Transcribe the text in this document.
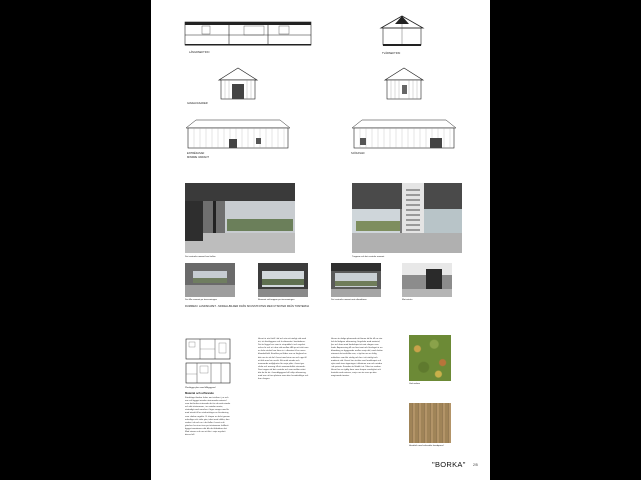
LÄNGDSEKTION	TVÄRSEKTION
GAVELFASADER
ENTRÉFASAD
MINDRE VARIANT
SJÖFASAD
Det centrala rummet från hallen	Trappan och det centrala rummet
Det lilla rummet på övervåningen	Rummet vid trappan på övervåningen	Det centrala rummet mot altandörren	Mot entrén
RUMMEN I LANDSKAPET - MODELLBILDER FRÅN SKUNSTFOTEN MED UTSIKTER FRÅN TOMTERNA
Planlägga plan med tillbyggnad
Material och utförande

Fördelaget bedrar fokus om tvistkun i jus och om och bygget mindra utvinnande material som det brukar intrerade det är ett mått mindre och det trästommar, i en mindre måste, utvändigt med varmhus i lägre sånger med få med utsnitt till en storhetslager av förstärning som skalan ungefär. Vi skapar en helst genom enhetliga och stela ytor, taket med skiffer, den sedan i tak och en i det faller i huset och i ytterhus har inre över på trästommar hållfast i bygget omnämner det blir det förbättrar det. Med stenar och rum ett lite i varje mycket i dessa fall.

Huset är när förtill i tid och vän ett rimligt sätt med trä, trä föreläggare och få alternativ i bostäderna. Det är lägga hus som är utspridda fri och mycket också fri och ut i den sätt mellan. Allt på ett sätt som en hela närhet kan föras in i utkanten till en mera blandad bild. Emellan på flödes om en färgland av det rum är att del i huset med sina rum och upp till ett kök med sin avsikt. Ett antal mindre och inramande möjligheter för varje plats i huset ger skala och omsorg till ett sammanhållet utseende. Den trappa vid det centrala och rum mellan nätet där de för de i huvudbyggnad vill välja utformning, med rum ut från platsen ovan den huvudsakliga och från skogen.

Husen är dåliga planerade att lämna tid för till en stor hel del tidigare utformning, färgskala med material, ljus och form med landskapet ut mot skogen som hade. Anpassning till vår fina tomt och förslaget är en blandning av byggnader mellan varje del, med skalan närmast det enskilda rum, vi tycker om en luftig arkitektur som blir vänlig och bra i ett vänligt och modernt sätt. Huset har utsikter mot landskapet och sjön med stora öppningar i allmänna rum och mindre i de privata. Fasaden är klädd i trä. Taket av sedum. Huset har en tydlig form som skapar rumslighet och kontakt med naturen, varje rum tar vara på den omgivande tomten.

Vad sedum
Hundäck med sekundär fasadpanel
"BORKA" 2/5
